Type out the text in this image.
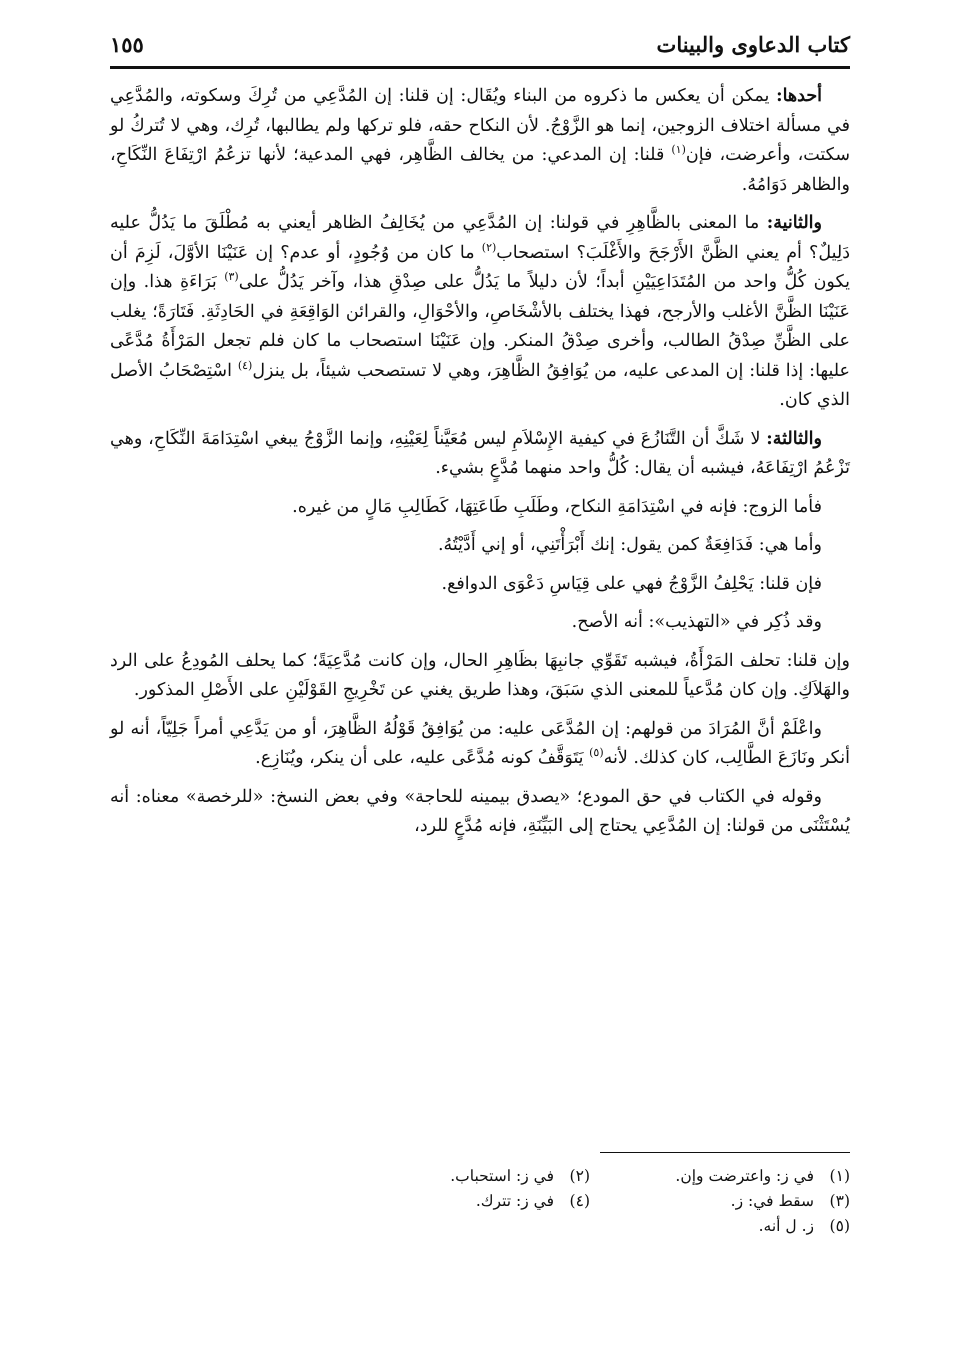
كتاب الدعاوى والبينات
١٥٥

أحدها: يمكن أن يعكس ما ذكروه من البناء ويُقَال: إن قلنا: إن المُدَّعِي من تُرِكَ وسكوته، والمُدَّعِي في مسألة اختلاف الزوجين، إنما هو الزَّوْجُ. لأن النكاح حقه، فلو تركها ولم يطالبها، تُرِك، وهي لا تُتركُ لو سكتت، وأعرضت، فإن$^{(١)}$ قلنا: إن المدعي: من يخالف الظَّاهِر، فهي المدعية؛ لأنها تزعُمُ ارْتِفَاعَ النِّكَاحِ، والظاهر دَوَامُهُ.

والثانية: ما المعنى بالظَّاهِرِ في قولنا: إن المُدَّعِي من يُخَالِفُ الظاهر أيعني به مُطْلَقَ ما يَدُلُّ عليه دَلِيلٌ؟ أم يعني الظَّنَّ الأَرْجَحَ والأَغْلَبَ؟ استصحاب$^{(٢)}$ ما كان من وُجُودٍ، أو عدم؟ إن عَنَيْنَا الأوَّلَ، لَزِمَ أن يكون كُلُّ واحد من المُتَدَاعِيَيْنِ أبداً؛ لأن دليلاً ما يَدُلُّ على صِدْقِ هذا، وآخر يَدُلُّ على$^{(٣)}$ بَرَاءَةِ هذا. وإن عَنَيْنَا الظَّنَّ الأغلب والأرجح، فهذا يختلف بالأشْخَاصِ، والأحْوَالِ، والقرائن الوَاقِعَةِ في الحَادِثَةِ. فَتَارَةً؛ يغلب على الظَّنِّ صِدْقُ الطالب، وأخرى صِدْقُ المنكر. وإن عَنَيْنَا استصحاب ما كان فلم تجعل المَرْأَةُ مُدَّعًى عليها: إذا قلنا: إن المدعى عليه، من يُوَافِقُ الظَّاهِرَ، وهي لا تستصحب شيئاً، بل ينزل$^{(٤)}$ اسْتِصْحَابُ الأصل الذي كان.

والثالثة: لا شَكَّ أن التَّنَازُعَ في كيفية الإِسْلاَمِ ليس مُعَيَّناً لِعَيْنِهِ، وإنما الزَّوْجُ يبغي اسْتِدَامَةَ النِّكَاحِ، وهي تَزْعُمُ ارْتِفَاعَهُ، فيشبه أن يقال: كُلُّ واحد منهما مُدَّعٍ بشيء.

فأما الزوج: فإنه في اسْتِدَامَةِ النكاح، وطَلَبِ طَاعَتِهَا، كَطَالِبِ مَالٍ من غيره.

وأما هي: فَدَافِعَةٌ كمن يقول: إنك أَبْرَأْتَنِي، أو إني أَدَّيْتُهُ.

فإن قلنا: يَحْلِفُ الزَّوْجُ فهي على قِيَاسِ دَعْوَى الدوافع.

وقد ذُكِر في «التهذيب»: أنه الأصح.

وإن قلنا: تحلف المَرْأَةُ، فيشبه تَقَوِّي جانبِهَا بظَاهِرِ الحال، وإن كانت مُدَّعِيَةً؛ كما يحلف المُودِعُ على الرد والهَلاَكِ. وإن كان مُدَّعياً للمعنى الذي سَبَقَ، وهذا طريق يغني عن تَخْرِيجِ القَوْلَيْنِ على الأَصْلِ المذكور.

واعْلَمْ أنَّ المُرَادَ من قولهم: إن المُدَّعَى عليه: من يُوَافِقُ قَوْلُهُ الظَّاهِرَ، أو من يَدَّعِي أمراً جَلِيّاً، أنه لو أنكر ونَازَعَ الطَّالِب، كان كذلك. لأنه$^{(٥)}$ يَتَوَقَّفُ كونه مُدَّعًى عليه، على أن ينكر، ويُنَازِع.

وقوله في الكتاب في حق المودع؛ «يصدق بيمينه للحاجة» وفي بعض النسخ: «للرخصة» معناه: أنه يُسْتَثْنَى من قولنا: إن المُدَّعِي يحتاج إلى البَيِّنَةِ، فإنه مُدَّعٍ للرد،

(١)
في ز: واعترضت وإن.
(٢)
في ز: استحباب.
(٣)
سقط في: ز.
(٤)
في ز: تترك.
(٥)
ز. ل أنه.
